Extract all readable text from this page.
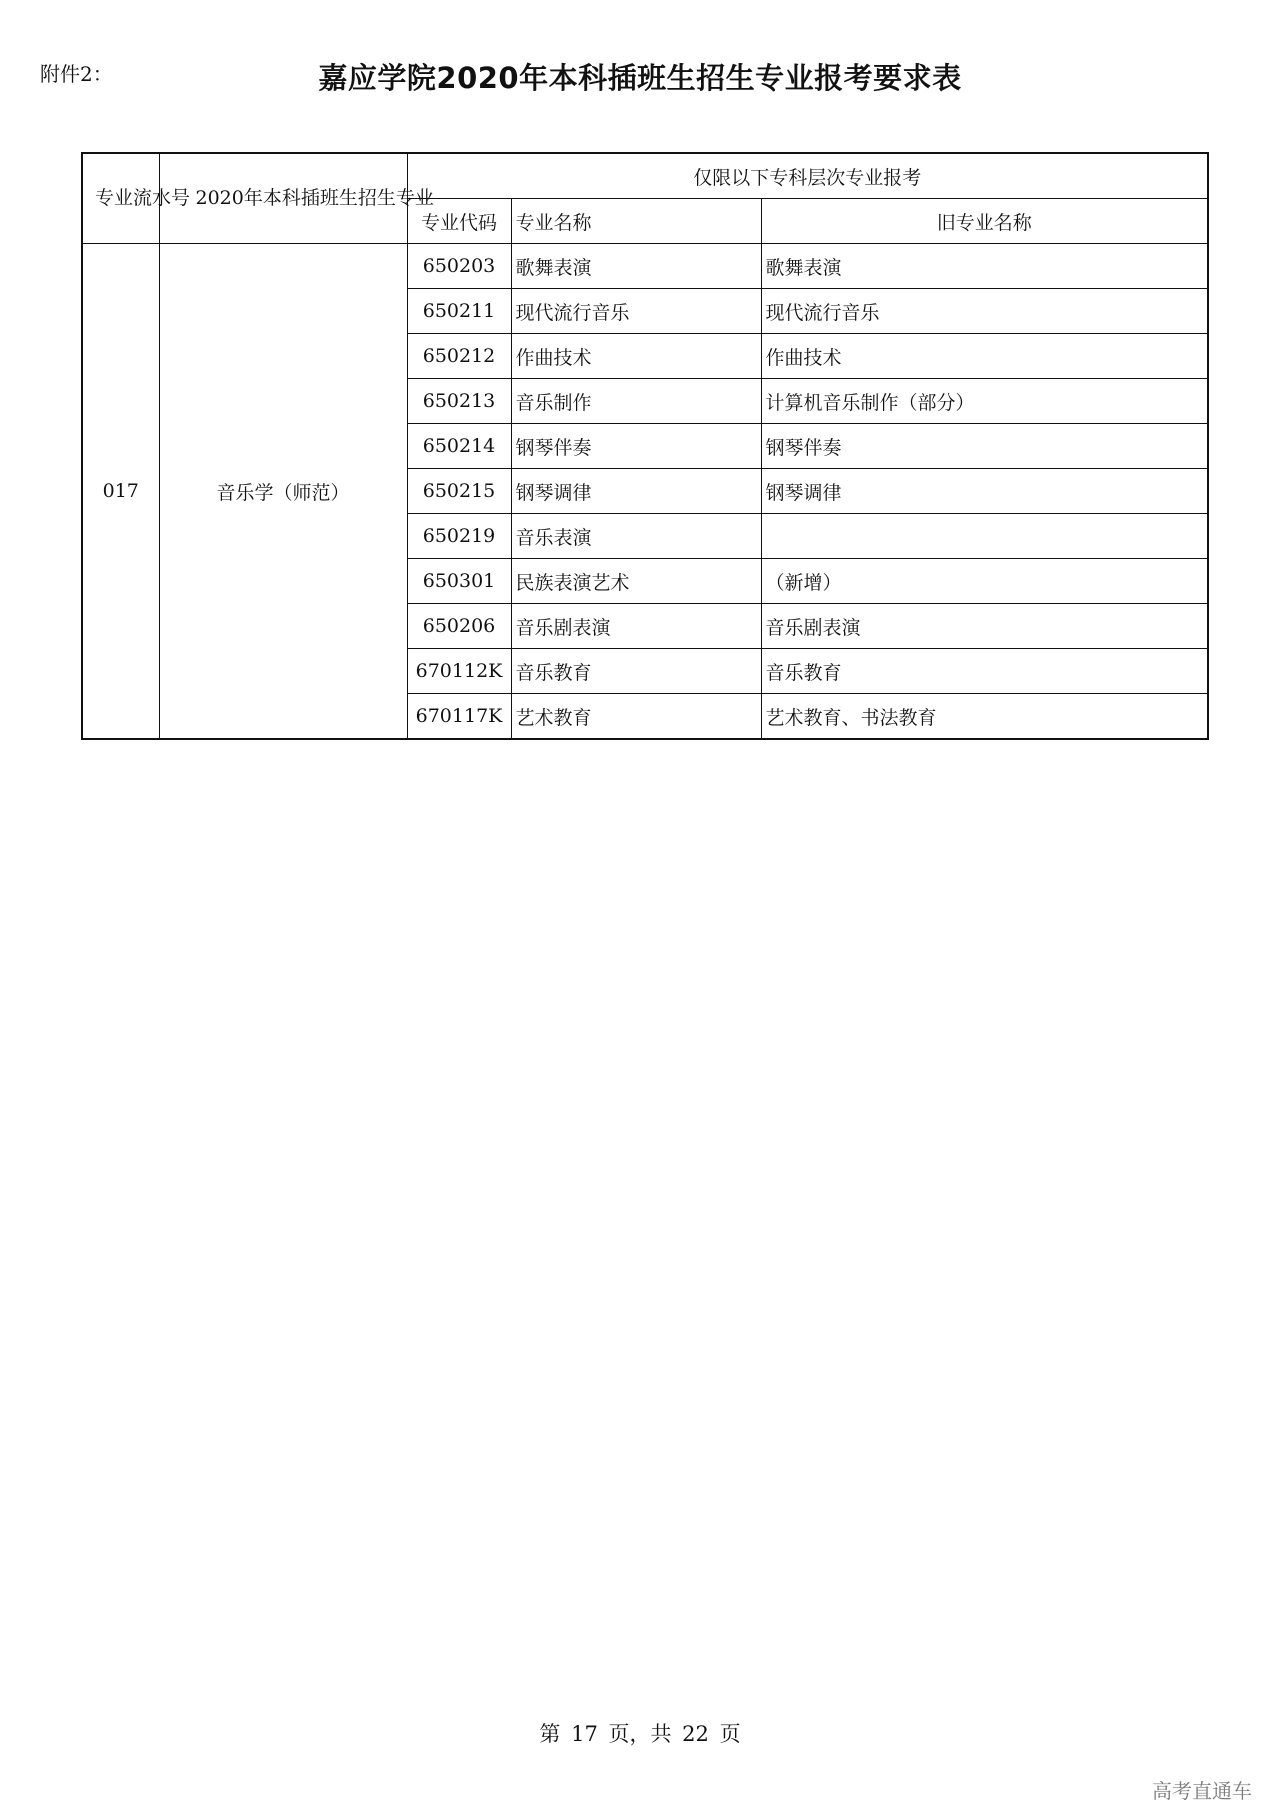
附件2：	嘉应学院2020年本科插班生招生专业报考要求表
专业流水号	2020年本科插班生招生专业	仅限以下专科层次专业报考		
		专业代码	专业名称	旧专业名称
017	音乐学（师范）	650203	歌舞表演	歌舞表演
		650211	现代流行音乐	现代流行音乐
		650212	作曲技术	作曲技术
		650213	音乐制作	计算机音乐制作（部分）
		650214	钢琴伴奏	钢琴伴奏
		650215	钢琴调律	钢琴调律
		650219	音乐表演	
		650301	民族表演艺术	（新增）
		650206	音乐剧表演	音乐剧表演
		670112K	音乐教育	音乐教育
		670117K	艺术教育	艺术教育、书法教育
第 17 页，共 22 页
高考直通车
